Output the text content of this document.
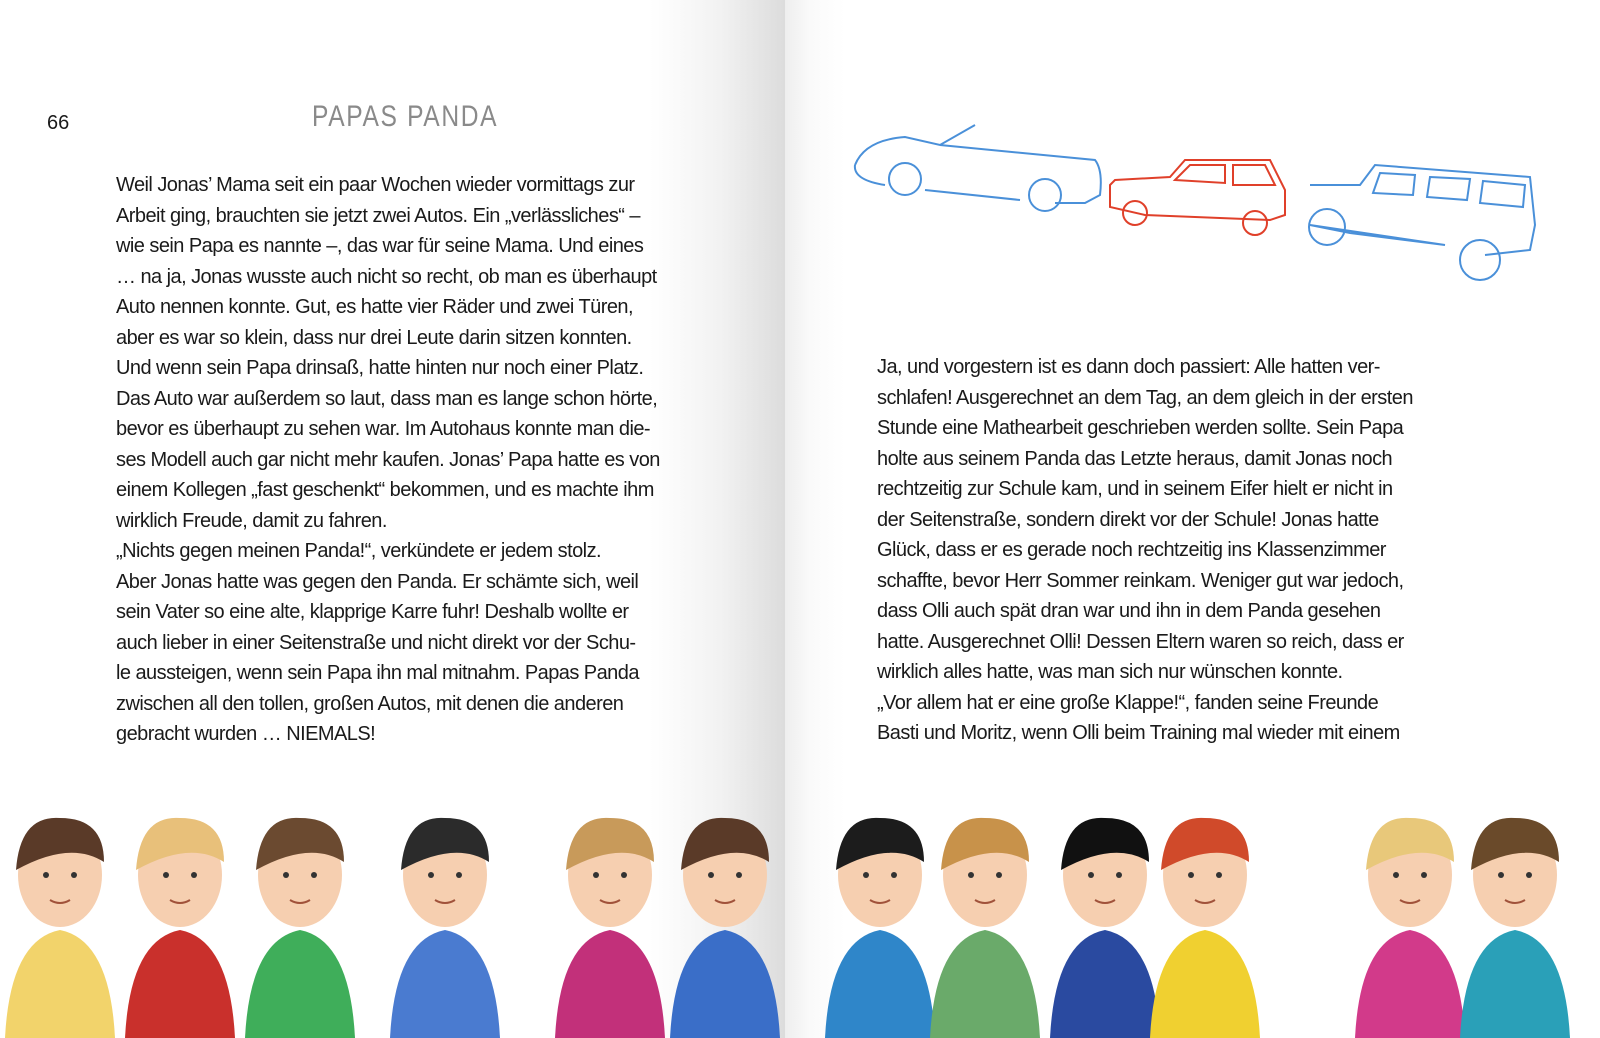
66	PAPAS PANDA
Weil Jonas’ Mama seit ein paar Wochen wieder vormittags zur
Arbeit ging, brauchten sie jetzt zwei Autos. Ein „verlässliches“ –
wie sein Papa es nannte –, das war für seine Mama. Und eines
… na ja, Jonas wusste auch nicht so recht, ob man es überhaupt
Auto nennen konnte. Gut, es hatte vier Räder und zwei Türen,
aber es war so klein, dass nur drei Leute darin sitzen konnten.
Und wenn sein Papa drinsaß, hatte hinten nur noch einer Platz.
Das Auto war außerdem so laut, dass man es lange schon hörte,
bevor es überhaupt zu sehen war. Im Autohaus konnte man die-
ses Modell auch gar nicht mehr kaufen. Jonas’ Papa hatte es von
einem Kollegen „fast geschenkt“ bekommen, und es machte ihm
wirklich Freude, damit zu fahren.
„Nichts gegen meinen Panda!“, verkündete er jedem stolz.
Aber Jonas hatte was gegen den Panda. Er schämte sich, weil
sein Vater so eine alte, klapprige Karre fuhr! Deshalb wollte er
auch lieber in einer Seitenstraße und nicht direkt vor der Schu-
le aussteigen, wenn sein Papa ihn mal mitnahm. Papas Panda
zwischen all den tollen, großen Autos, mit denen die anderen
gebracht wurden … NIEMALS!
Ja, und vorgestern ist es dann doch passiert: Alle hatten ver-
schlafen! Ausgerechnet an dem Tag, an dem gleich in der ersten
Stunde eine Mathearbeit geschrieben werden sollte. Sein Papa
holte aus seinem Panda das Letzte heraus, damit Jonas noch
rechtzeitig zur Schule kam, und in seinem Eifer hielt er nicht in
der Seitenstraße, sondern direkt vor der Schule! Jonas hatte
Glück, dass er es gerade noch rechtzeitig ins Klassenzimmer
schaffte, bevor Herr Sommer reinkam. Weniger gut war jedoch,
dass Olli auch spät dran war und ihn in dem Panda gesehen
hatte. Ausgerechnet Olli! Dessen Eltern waren so reich, dass er
wirklich alles hatte, was man sich nur wünschen konnte.
„Vor allem hat er eine große Klappe!“, fanden seine Freunde
Basti und Moritz, wenn Olli beim Training mal wieder mit einem
